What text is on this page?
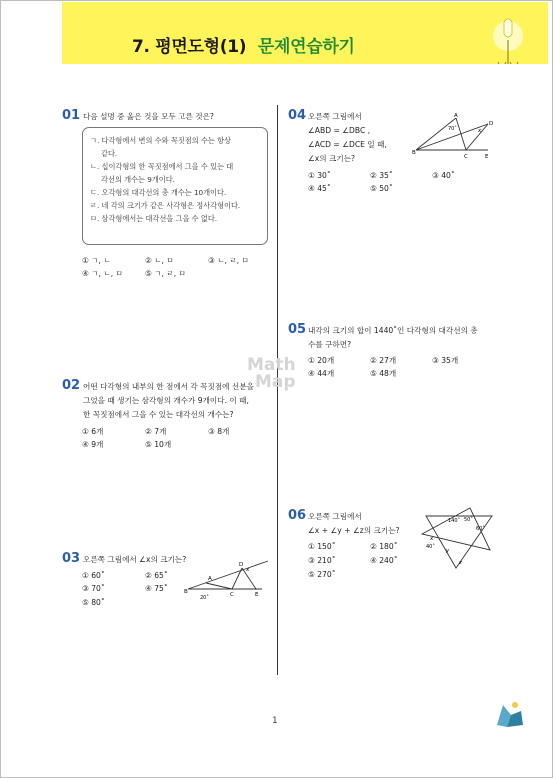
7. 평면도형(1) 문제연습하기
Math
Map
01 다음 설명 중 옳은 것을 모두 고른 것은?
ㄱ. 다각형에서 변의 수와 꼭짓점의 수는 항상
같다.
ㄴ. 십이각형의 한 꼭짓점에서 그을 수 있는 대
각선의 개수는 9개이다.
ㄷ. 오각형의 대각선의 총 개수는 10개이다.
ㄹ. 네 각의 크기가 같은 사각형은 정사각형이다.
ㅁ. 삼각형에서는 대각선을 그을 수 없다.
① ㄱ, ㄴ	② ㄴ, ㅁ	③ ㄴ, ㄹ, ㅁ
④ ㄱ, ㄴ, ㅁ	⑤ ㄱ, ㄹ, ㅁ
02 어떤 다각형의 내부의 한 점에서 각 꼭짓점에 선분을
그었을 때 생기는 삼각형의 개수가 9개이다. 이 때,
한 꼭짓점에서 그을 수 있는 대각선의 개수는?
① 6개	② 7개	③ 8개
④ 9개	⑤ 10개
03 오른쪽 그림에서 ∠x의 크기는?
① 60˚	② 65˚
③ 70˚	④ 75˚
⑤ 80˚
B
A
C
D
E
x
20˚
04 오른쪽 그림에서
∠ABD = ∠DBC ,
∠ACD = ∠DCE 일 때,
∠x의 크기는?
① 30˚	② 35˚	③ 40˚
④ 45˚	⑤ 50˚
A
B
C
D
E
70˚	x
05 내각의 크기의 합이 1440˚인 다각형의 대각선의 총
수를 구하면?
① 20개	② 27개	③ 35개
④ 44개	⑤ 48개
06 오른쪽 그림에서
∠x + ∠y + ∠z의 크기는?
① 150˚	② 180˚
③ 210˚	④ 240˚
⑤ 270˚
140˚ 50˚
60˚
40˚
x
y
z
1
